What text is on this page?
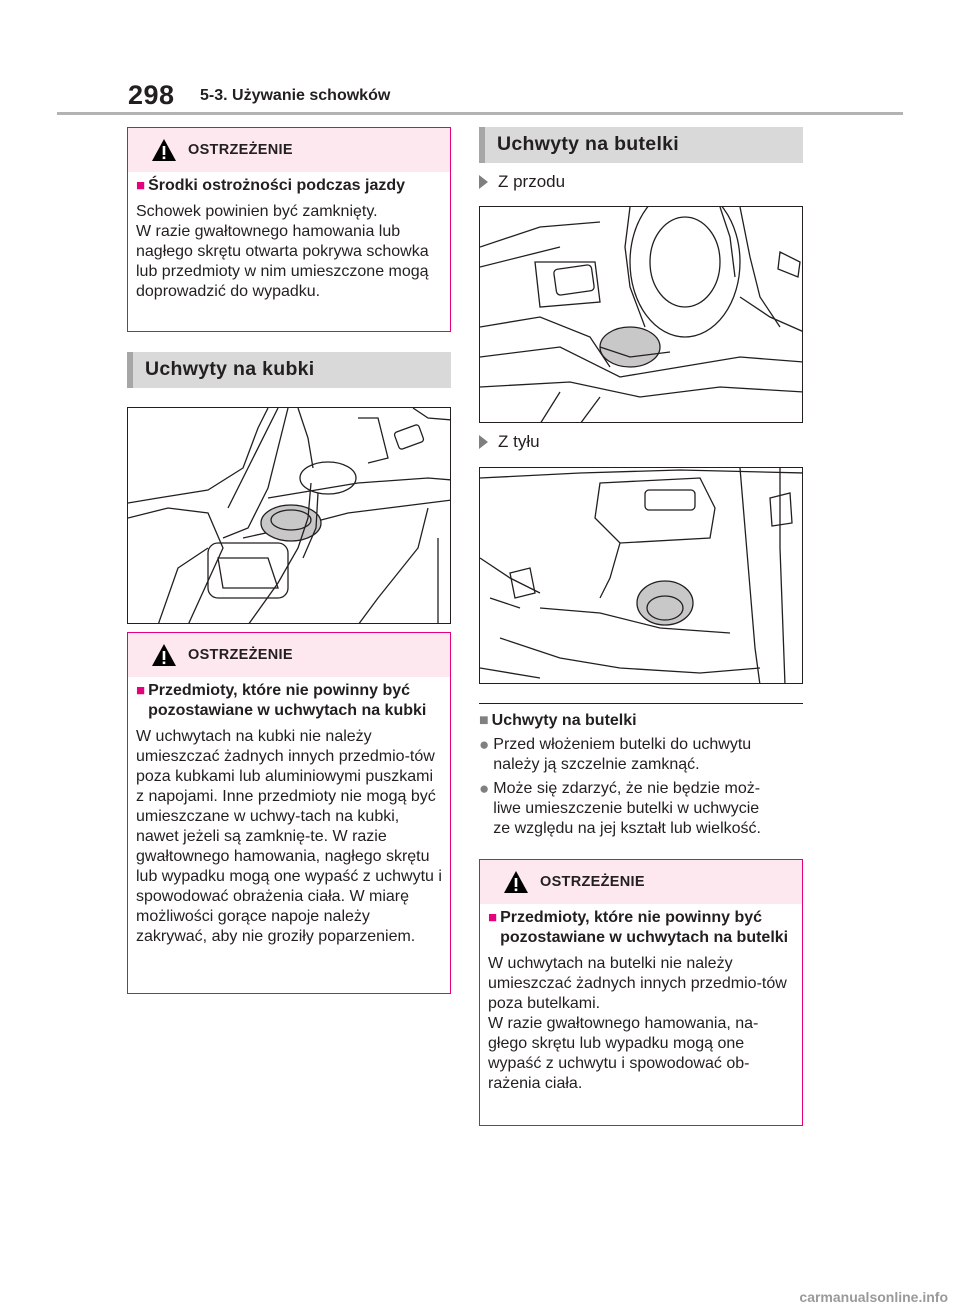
298 5-3. Używanie schowków
OSTRZEŻENIE
■ Środki ostrożności podczas jazdy
Schowek powinien być zamknięty.
W razie gwałtownego hamowania lub nagłego skrętu otwarta pokrywa schowka lub przedmioty w nim umieszczone mogą doprowadzić do wypadku.
Uchwyty na kubki
OSTRZEŻENIE
■ Przedmioty, które nie powinny być pozostawiane w uchwytach na kubki
W uchwytach na kubki nie należy umieszczać żadnych innych przedmio-tów poza kubkami lub aluminiowymi puszkami z napojami. Inne przedmioty nie mogą być umieszczane w uchwy-tach na kubki, nawet jeżeli są zamknię-te. W razie gwałtownego hamowania, nagłego skrętu lub wypadku mogą one wypaść z uchwytu i spowodować obrażenia ciała. W miarę możliwości gorące napoje należy zakrywać, aby nie groziły poparzeniem.
Uchwyty na butelki
Z przodu
Z tyłu
■ Uchwyty na butelki
● Przed włożeniem butelki do uchwytu
należy ją szczelnie zamknąć.
● Może się zdarzyć, że nie będzie moż-
liwe umieszczenie butelki w uchwycie
ze względu na jej kształt lub wielkość.
OSTRZEŻENIE
■ Przedmioty, które nie powinny być pozostawiane w uchwytach na butelki
W uchwytach na butelki nie należy umieszczać żadnych innych przedmio-tów poza butelkami.
W razie gwałtownego hamowania, na-głego skrętu lub wypadku mogą one wypaść z uchwytu i spowodować ob-rażenia ciała.
carmanualsonline.info
